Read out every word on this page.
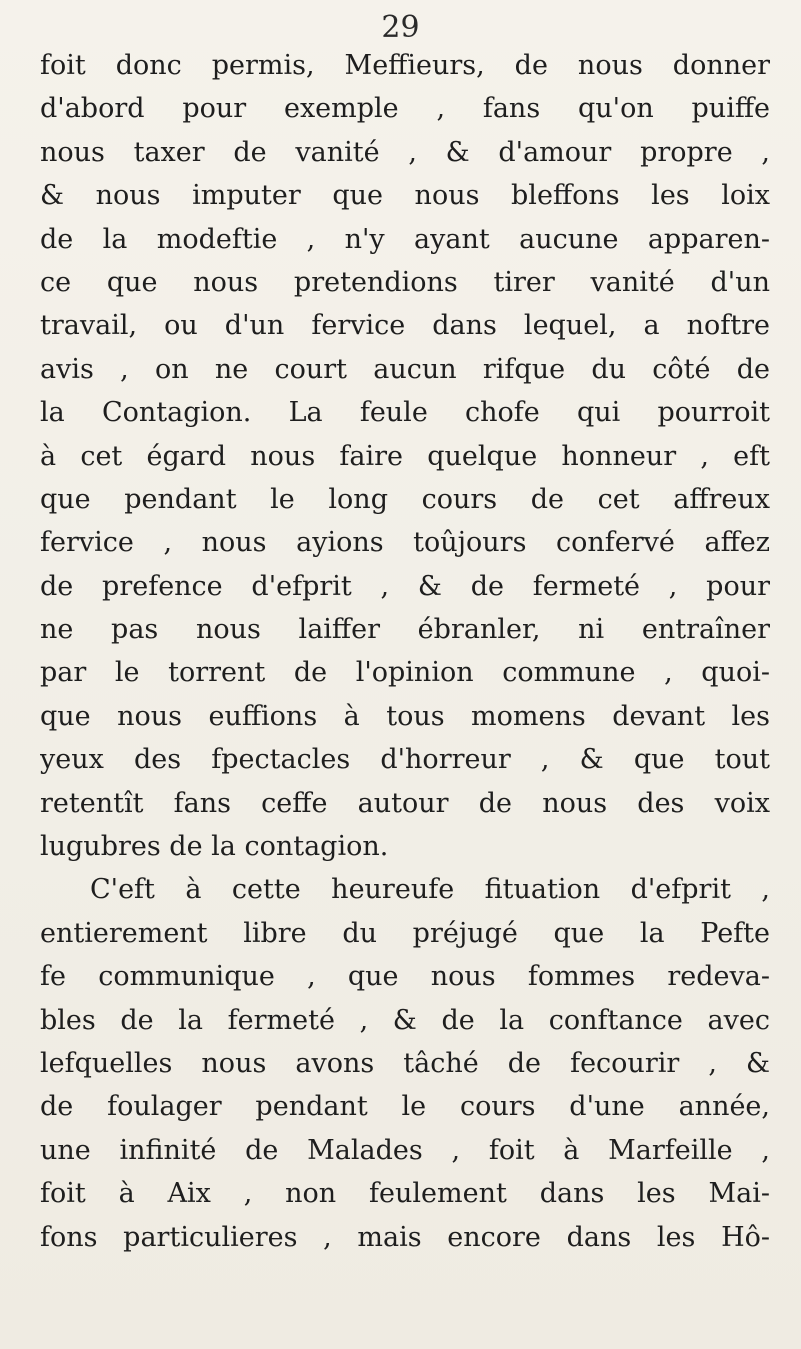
29
foit donc permis, Meffieurs, de nous donner
d'abord pour exemple , fans qu'on puiffe
nous taxer de vanité , & d'amour propre ,
& nous imputer que nous bleffons les loix
de la modeftie , n'y ayant aucune apparen-
ce que nous pretendions tirer vanité d'un
travail, ou d'un fervice dans lequel, a noftre
avis , on ne court aucun rifque du côté de
la Contagion. La feule chofe qui pourroit
à cet égard nous faire quelque honneur , eft
que pendant le long cours de cet affreux
fervice , nous ayions toûjours confervé affez
de prefence d'efprit , & de fermeté , pour
ne pas nous laiffer ébranler, ni entraîner
par le torrent de l'opinion commune , quoi-
que nous euffions à tous momens devant les
yeux des fpectacles d'horreur , & que tout
retentît fans ceffe autour de nous des voix
lugubres de la contagion.
C'eft à cette heureufe fituation d'efprit ,
entierement libre du préjugé que la Pefte
fe communique , que nous fommes redeva-
bles de la fermeté , & de la conftance avec
lefquelles nous avons tâché de fecourir , &
de foulager pendant le cours d'une année,
une infinité de Malades , foit à Marfeille ,
foit à Aix , non feulement dans les Mai-
fons particulieres , mais encore dans les Hô-
